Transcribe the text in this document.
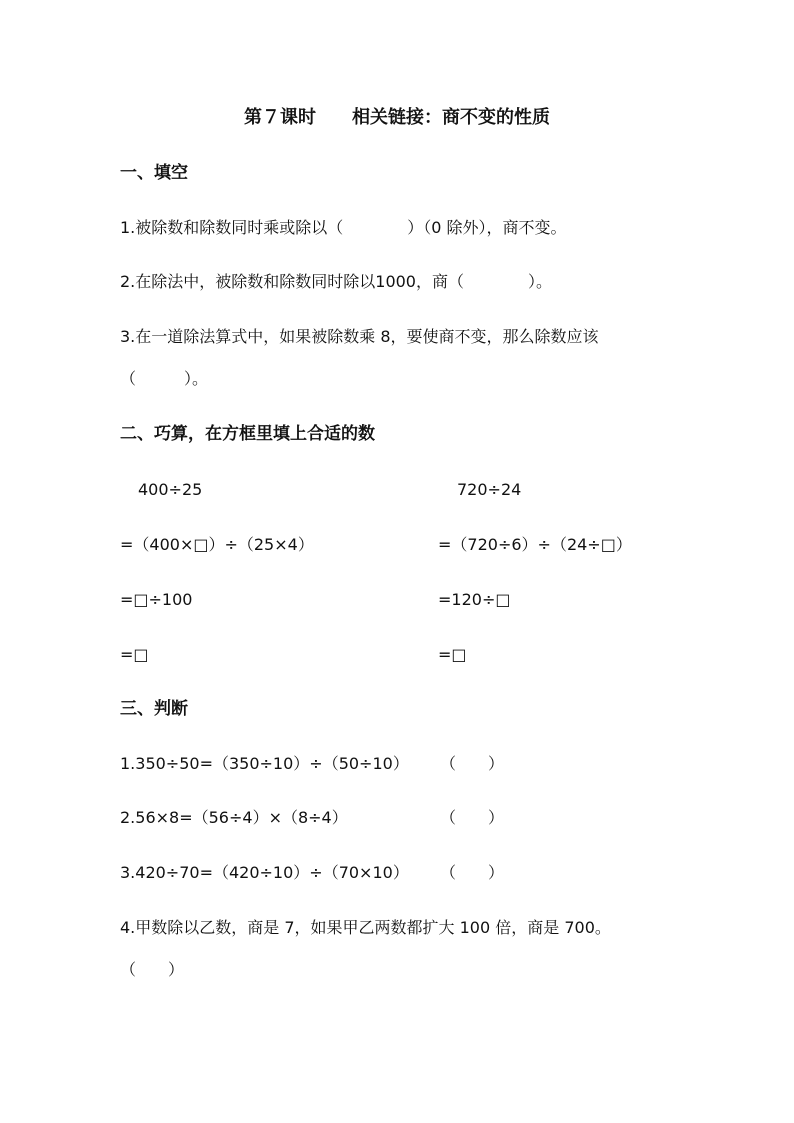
第７课时　　相关链接：商不变的性质
一、填空
1.被除数和除数同时乘或除以（　　　　）（0 除外），商不变。
2.在除法中，被除数和除数同时除以1000，商（　　　　）。
3.在一道除法算式中，如果被除数乘 8，要使商不变，那么除数应该
（　　　）。
二、巧算，在方框里填上合适的数
400÷25
=（400×□）÷（25×4）
=□÷100
=□
720÷24
=（720÷6）÷（24÷□）
=120÷□
=□
三、判断
1.350÷50=（350÷10）÷（50÷10） （　　）
2.56×8=（56÷4）×（8÷4）	（　　）
3.420÷70=（420÷10）÷（70×10） （　　）
4.甲数除以乙数，商是 7，如果甲乙两数都扩大 100 倍，商是 700。
（　　）
